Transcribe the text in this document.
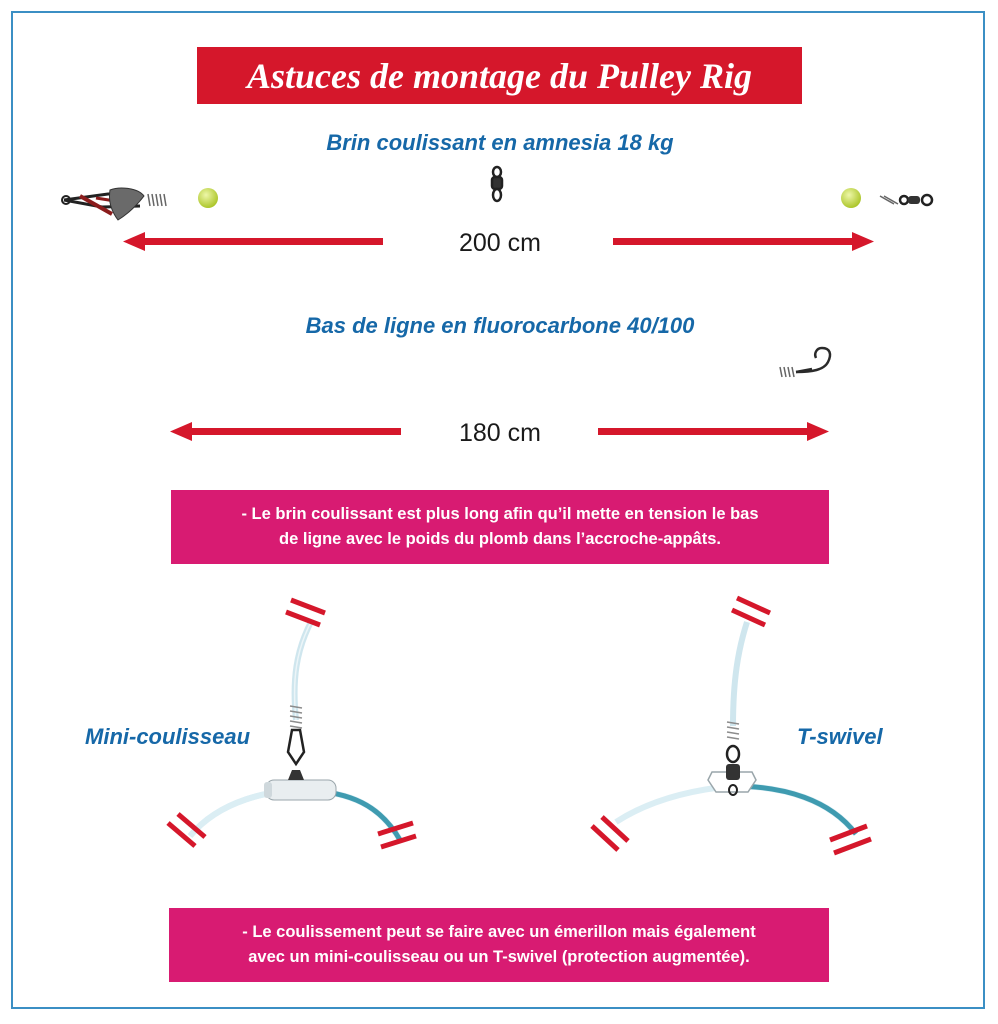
Astuces de montage du Pulley Rig
Brin coulissant en amnesia 18 kg
200 cm
Bas de ligne en fluorocarbone 40/100
180 cm
- Le brin coulissant est plus long afin qu’il mette en tension le bas
de ligne avec le poids du plomb dans l’accroche-appâts.
Mini-coulisseau	T-swivel
- Le coulissement peut se faire avec un émerillon mais également
avec un mini-coulisseau ou un T-swivel (protection augmentée).
